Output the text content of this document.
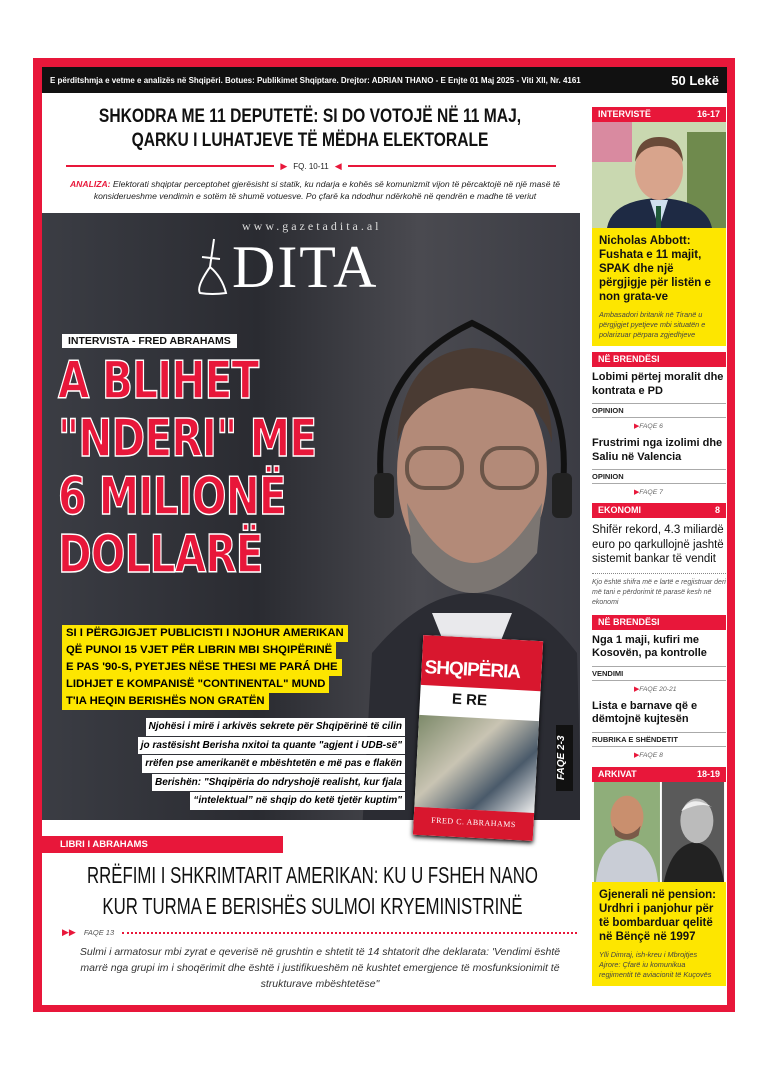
E përditshmja e vetme e analizës në Shqipëri. Botues: Publikimet Shqiptare. Drejtor: ADRIAN THANO - E Enjte 01 Maj 2025 - Viti XII, Nr. 4161	50 Lekë
SHKODRA ME 11 DEPUTETË: SI DO VOTOJË NË 11 MAJ,
QARKU I LUHATJEVE TË MËDHA ELEKTORALE
▶ FQ. 10-11 ◀
ANALIZA: Elektorati shqiptar perceptohet gjerësisht si statik, ku ndarja e kohës së komunizmit vijon të përcaktojë në një masë të konsiderueshme vendimin e sotëm të shumë votuesve. Po çfarë ka ndodhur ndërkohë në qendrën e madhe të veriut
www.gazetadita.al
DITA
INTERVISTA - FRED ABRAHAMS
A BLIHET
"NDERI" ME
6 MILIONË
DOLLARË
SI I PËRGJIGJET PUBLICISTI I NJOHUR AMERIKAN
QË PUNOI 15 VJET PËR LIBRIN MBI SHQIPËRINË
E PAS '90-S, PYETJES NËSE THESI ME PARÁ DHE
LIDHJET E KOMPANISË "CONTINENTAL" MUND
T'IA HEQIN BERISHËS NON GRATËN
Njohësi i mirë i arkivës sekrete për Shqipërinë të cilin
jo rastësisht Berisha nxitoi ta quante "agjent i UDB-së"
rrëfen pse amerikanët e mbështetën e më pas e flakën
Berishën: "Shqipëria do ndryshojë realisht, kur fjala
“intelektual” në shqip do ketë tjetër kuptim"
SHQIPËRIA
E RE
FRED C. ABRAHAMS
FAQE 2-3
LIBRI I ABRAHAMS
RRËFIMI I SHKRIMTARIT AMERIKAN: KU U FSHEH NANO
KUR TURMA E BERISHËS SULMOI KRYEMINISTRINË
▶▶ FAQE 13
Sulmi i armatosur mbi zyrat e qeverisë në grushtin e shtetit të 14 shtatorit dhe deklarata: 'Vendimi është marrë nga grupi im i shoqërimit dhe është i justifikueshëm në kushtet emergjence të mosfunksionimit të strukturave mbështetëse"
INTERVISTË	16-17
Nicholas Abbott: Fushata e 11 majit, SPAK dhe një përgjigje për listën e non grata-ve
Ambasadori britanik në Tiranë u përgjigjet pyetjeve mbi situatën e polarizuar përpara zgjedhjeve
NË BRENDËSI
Lobimi përtej moralit dhe kontrata e PD
OPINION
▶ FAQE 6
Frustrimi nga izolimi dhe Saliu në Valencia
OPINION
▶ FAQE 7
EKONOMI	8
Shifër rekord, 4.3 miliardë euro po qarkullojnë jashtë sistemit bankar të vendit
Kjo është shifra më e lartë e regjistruar deri më tani e përdorimit të parasë kesh në ekonomi
NË BRENDËSI
Nga 1 maji, kufiri me Kosovën, pa kontrolle
VENDIMI
▶ FAQE 20-21
Lista e barnave që e dëmtojnë kujtesën
RUBRIKA E SHËNDETIT
▶ FAQE 8
ARKIVAT	18-19
Gjenerali në pension: Urdhri i panjohur për të bombarduar qelitë në Bënçë në 1997
Ylli Dimraj, ish-kreu i Mbrojtjes Ajrore: Çfarë iu komunikua regjimentit të aviacionit të Kuçovës
